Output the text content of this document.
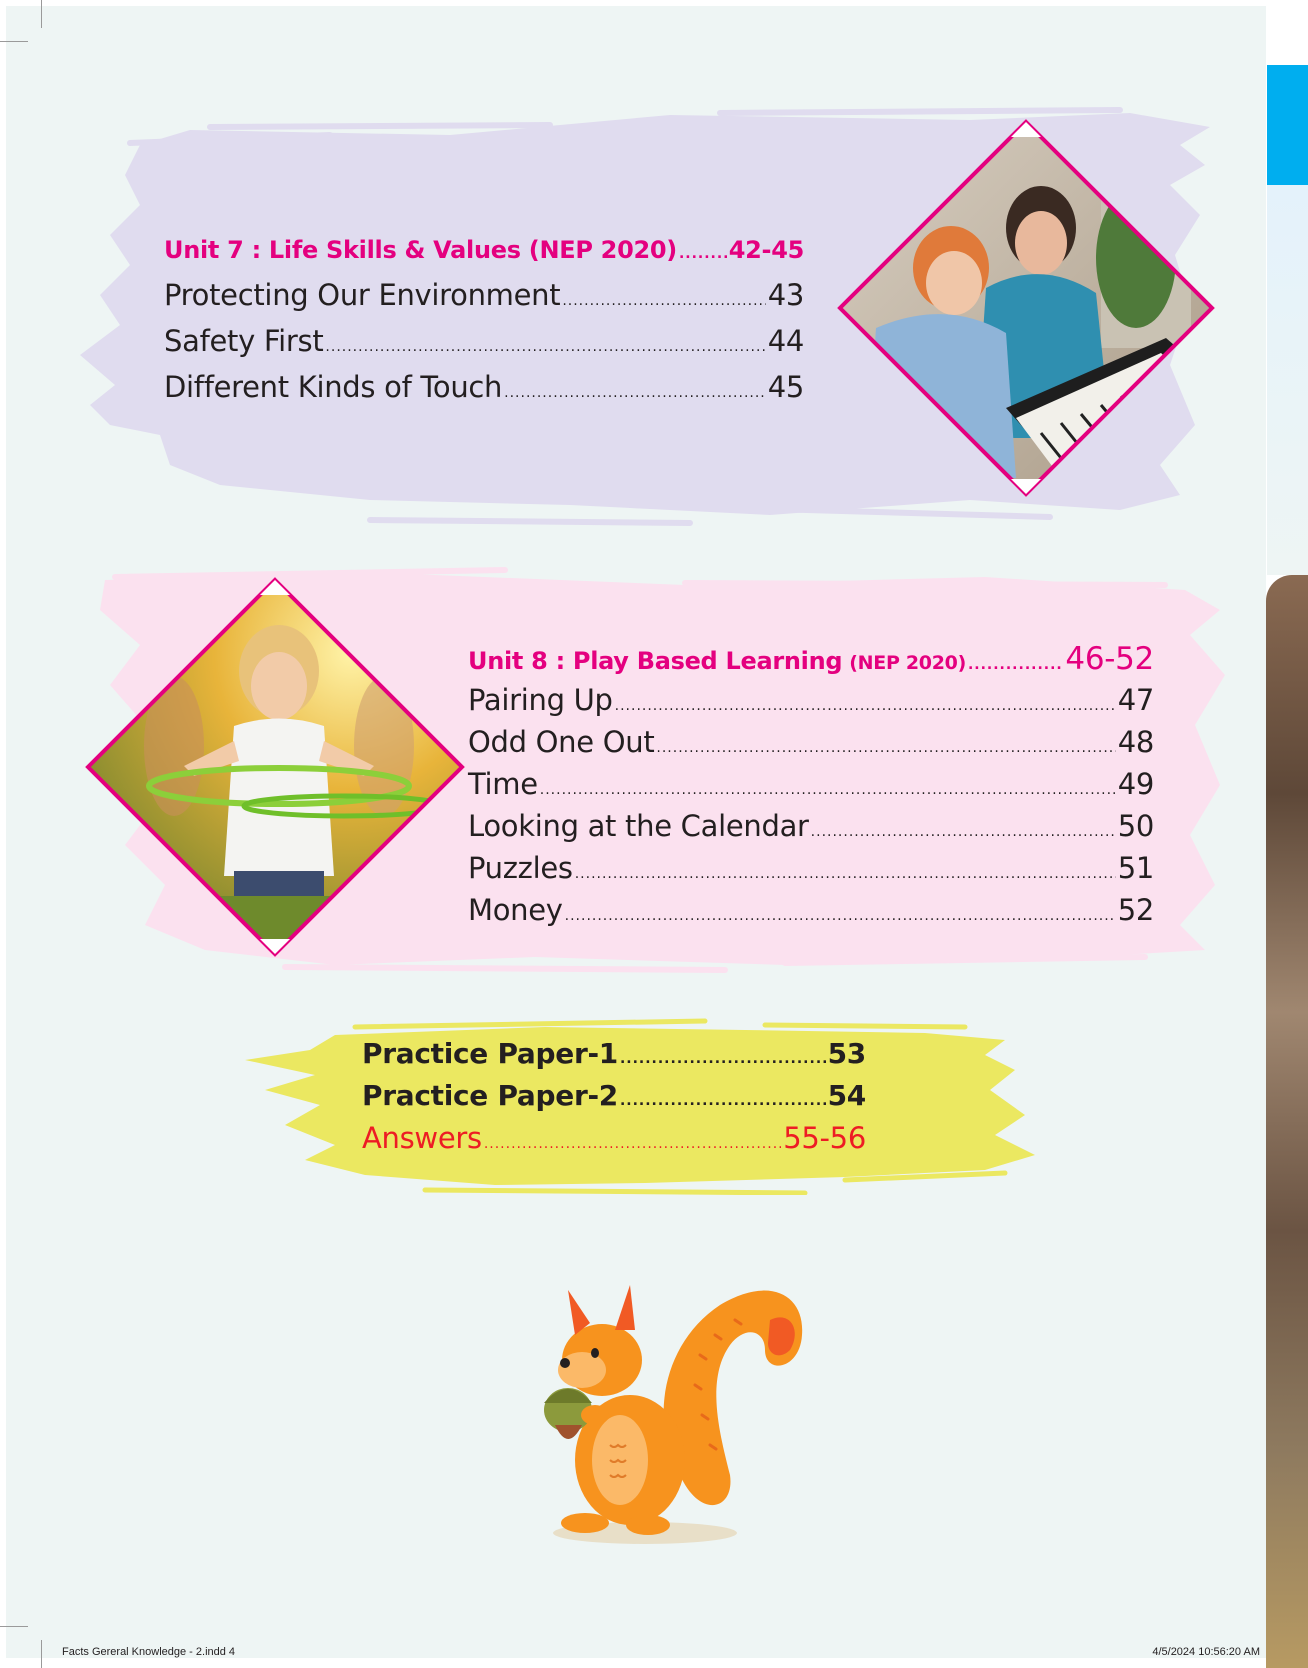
Unit 7 : Life Skills & Values (NEP 2020) ..... 42-45
Protecting Our Environment .....	43
Safety First .....	44
Different Kinds of Touch .....	45
Unit 8 : Play Based Learning (NEP 2020) .....	46-52
Pairing Up .....	47
Odd One Out .....	48
Time .....	49
Looking at the Calendar .....	50
Puzzles .....	51
Money .....	52
Practice Paper-1 .....	53
Practice Paper-2 .....	54
Answers .....	55-56
Facts Gereral Knowledge - 2.indd 4	4/5/2024 10:56:20 AM
